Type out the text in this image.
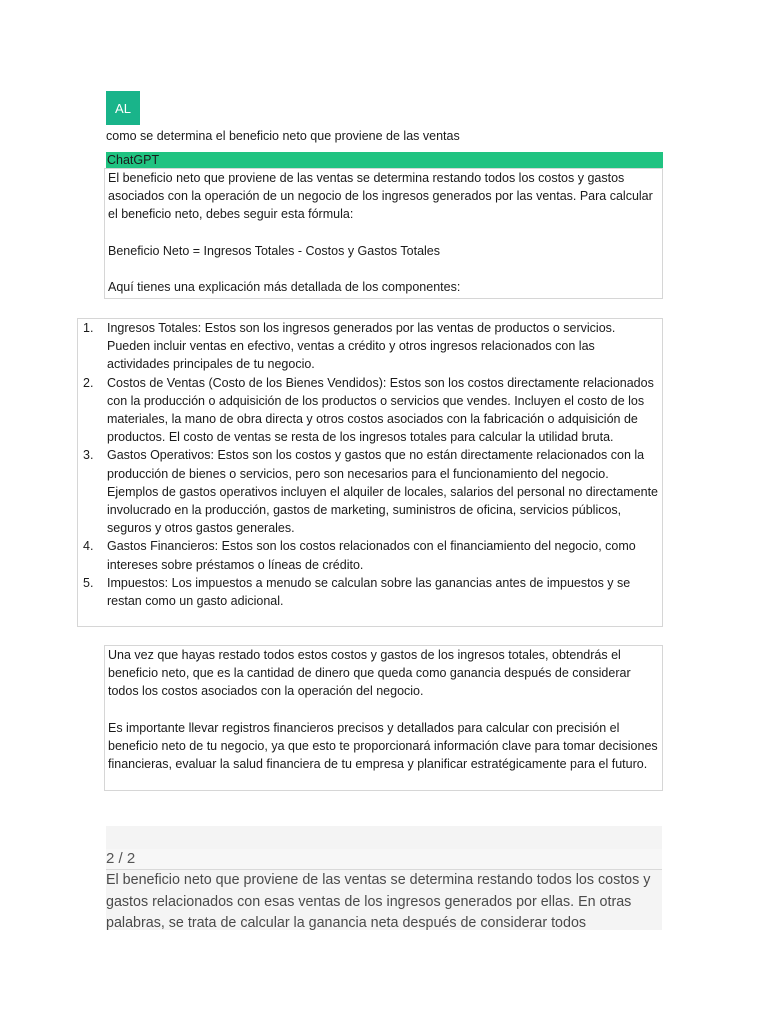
AL
como se determina el beneficio neto que proviene de las ventas
ChatGPT

El beneficio neto que proviene de las ventas se determina restando todos los costos y gastos asociados con la operación de un negocio de los ingresos generados por las ventas. Para calcular el beneficio neto, debes seguir esta fórmula:

Beneficio Neto = Ingresos Totales - Costos y Gastos Totales

Aquí tienes una explicación más detallada de los componentes:

1.	Ingresos Totales: Estos son los ingresos generados por las ventas de productos o servicios. Pueden incluir ventas en efectivo, ventas a crédito y otros ingresos relacionados con las actividades principales de tu negocio.
2.	Costos de Ventas (Costo de los Bienes Vendidos): Estos son los costos directamente relacionados con la producción o adquisición de los productos o servicios que vendes. Incluyen el costo de los materiales, la mano de obra directa y otros costos asociados con la fabricación o adquisición de productos. El costo de ventas se resta de los ingresos totales para calcular la utilidad bruta.
3.	Gastos Operativos: Estos son los costos y gastos que no están directamente relacionados con la producción de bienes o servicios, pero son necesarios para el funcionamiento del negocio. Ejemplos de gastos operativos incluyen el alquiler de locales, salarios del personal no directamente involucrado en la producción, gastos de marketing, suministros de oficina, servicios públicos, seguros y otros gastos generales.
4.	Gastos Financieros: Estos son los costos relacionados con el financiamiento del negocio, como intereses sobre préstamos o líneas de crédito.
5.	Impuestos: Los impuestos a menudo se calculan sobre las ganancias antes de impuestos y se restan como un gasto adicional.

Una vez que hayas restado todos estos costos y gastos de los ingresos totales, obtendrás el beneficio neto, que es la cantidad de dinero que queda como ganancia después de considerar todos los costos asociados con la operación del negocio.

Es importante llevar registros financieros precisos y detallados para calcular con precisión el beneficio neto de tu negocio, ya que esto te proporcionará información clave para tomar decisiones financieras, evaluar la salud financiera de tu empresa y planificar estratégicamente para el futuro.

2 / 2
El beneficio neto que proviene de las ventas se determina restando todos los costos y gastos relacionados con esas ventas de los ingresos generados por ellas. En otras palabras, se trata de calcular la ganancia neta después de considerar todos
